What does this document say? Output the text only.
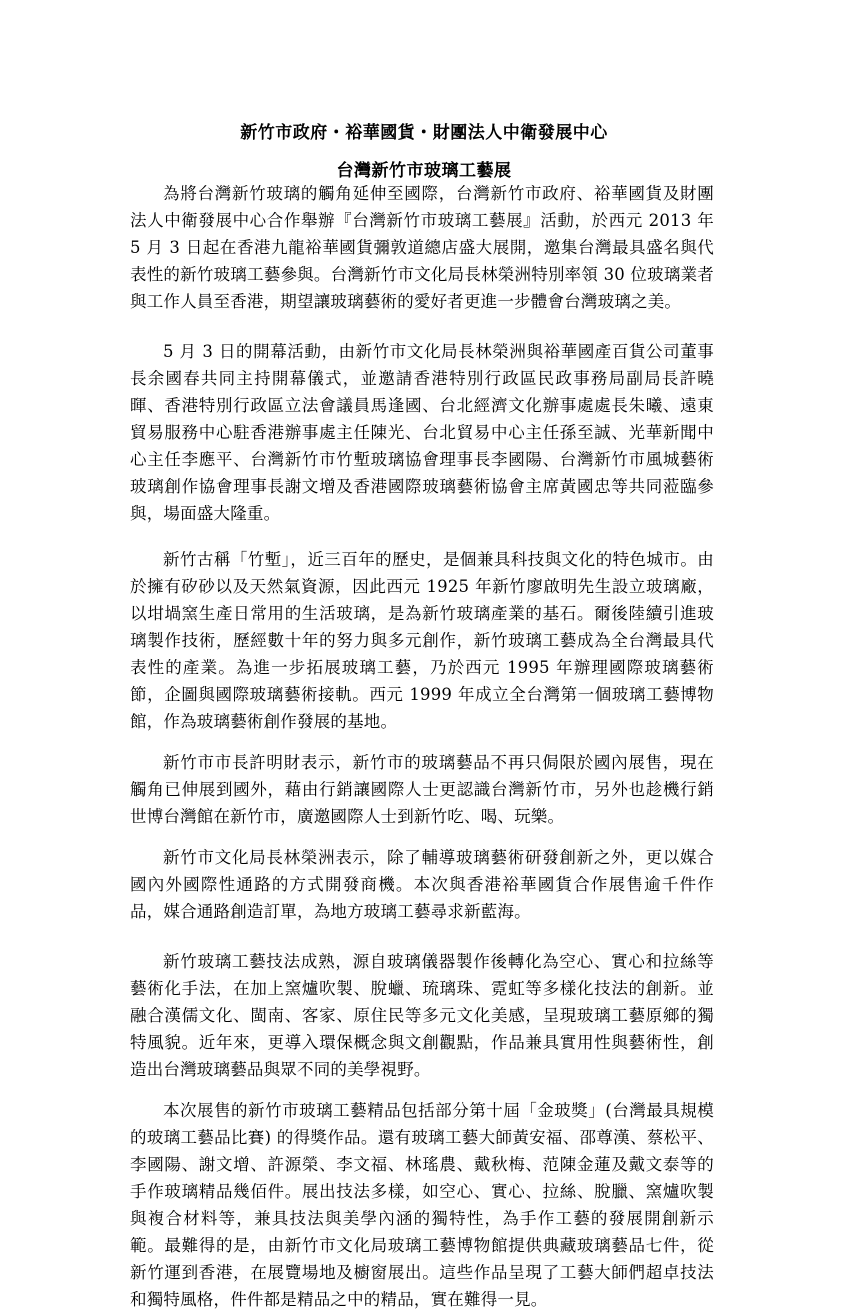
新竹市政府・裕華國貨・財團法人中衛發展中心
台灣新竹市玻璃工藝展

為將台灣新竹玻璃的觸角延伸至國際，台灣新竹市政府、裕華國貨及財團法人中衛發展中心合作舉辦『台灣新竹市玻璃工藝展』活動，於西元 2013 年 5 月 3 日起在香港九龍裕華國貨彌敦道總店盛大展開，邀集台灣最具盛名與代表性的新竹玻璃工藝參與。台灣新竹市文化局長林榮洲特別率領 30 位玻璃業者與工作人員至香港，期望讓玻璃藝術的愛好者更進一步體會台灣玻璃之美。

5 月 3 日的開幕活動，由新竹市文化局長林榮洲與裕華國產百貨公司董事長余國春共同主持開幕儀式，並邀請香港特別行政區民政事務局副局長許曉暉、香港特別行政區立法會議員馬逢國、台北經濟文化辦事處處長朱曦、遠東貿易服務中心駐香港辦事處主任陳光、台北貿易中心主任孫至誠、光華新聞中心主任李應平、台灣新竹市竹塹玻璃協會理事長李國陽、台灣新竹市風城藝術玻璃創作協會理事長謝文增及香港國際玻璃藝術協會主席黃國忠等共同蒞臨參與，場面盛大隆重。

新竹古稱「竹塹」，近三百年的歷史，是個兼具科技與文化的特色城市。由於擁有矽砂以及天然氣資源，因此西元 1925 年新竹廖啟明先生設立玻璃廠，以坩堝窯生產日常用的生活玻璃，是為新竹玻璃產業的基石。爾後陸續引進玻璃製作技術，歷經數十年的努力與多元創作，新竹玻璃工藝成為全台灣最具代表性的產業。為進一步拓展玻璃工藝，乃於西元 1995 年辦理國際玻璃藝術節，企圖與國際玻璃藝術接軌。西元 1999 年成立全台灣第一個玻璃工藝博物館，作為玻璃藝術創作發展的基地。

新竹市市長許明財表示，新竹市的玻璃藝品不再只侷限於國內展售，現在觸角已伸展到國外，藉由行銷讓國際人士更認識台灣新竹市，另外也趁機行銷世博台灣館在新竹市，廣邀國際人士到新竹吃、喝、玩樂。

新竹市文化局長林榮洲表示，除了輔導玻璃藝術研發創新之外，更以媒合國內外國際性通路的方式開發商機。本次與香港裕華國貨合作展售逾千件作品，媒合通路創造訂單，為地方玻璃工藝尋求新藍海。

新竹玻璃工藝技法成熟，源自玻璃儀器製作後轉化為空心、實心和拉絲等藝術化手法，在加上窯爐吹製、脫蠟、琉璃珠、霓虹等多樣化技法的創新。並融合漢儒文化、閩南、客家、原住民等多元文化美感，呈現玻璃工藝原鄉的獨特風貌。近年來，更導入環保概念與文創觀點，作品兼具實用性與藝術性，創造出台灣玻璃藝品與眾不同的美學視野。

本次展售的新竹市玻璃工藝精品包括部分第十屆「金玻獎」(台灣最具規模的玻璃工藝品比賽) 的得獎作品。還有玻璃工藝大師黃安福、邵尊漢、蔡松平、李國陽、謝文增、許源榮、李文福、林瑤農、戴秋梅、范陳金蓮及戴文泰等的手作玻璃精品幾佰件。展出技法多樣，如空心、實心、拉絲、脫臘、窯爐吹製與複合材料等，兼具技法與美學內涵的獨特性，為手作工藝的發展開創新示範。最難得的是，由新竹市文化局玻璃工藝博物館提供典藏玻璃藝品七件，從新竹運到香港，在展覽場地及櫥窗展出。這些作品呈現了工藝大師們超卓技法和獨特風格，件件都是精品之中的精品，實在難得一見。
